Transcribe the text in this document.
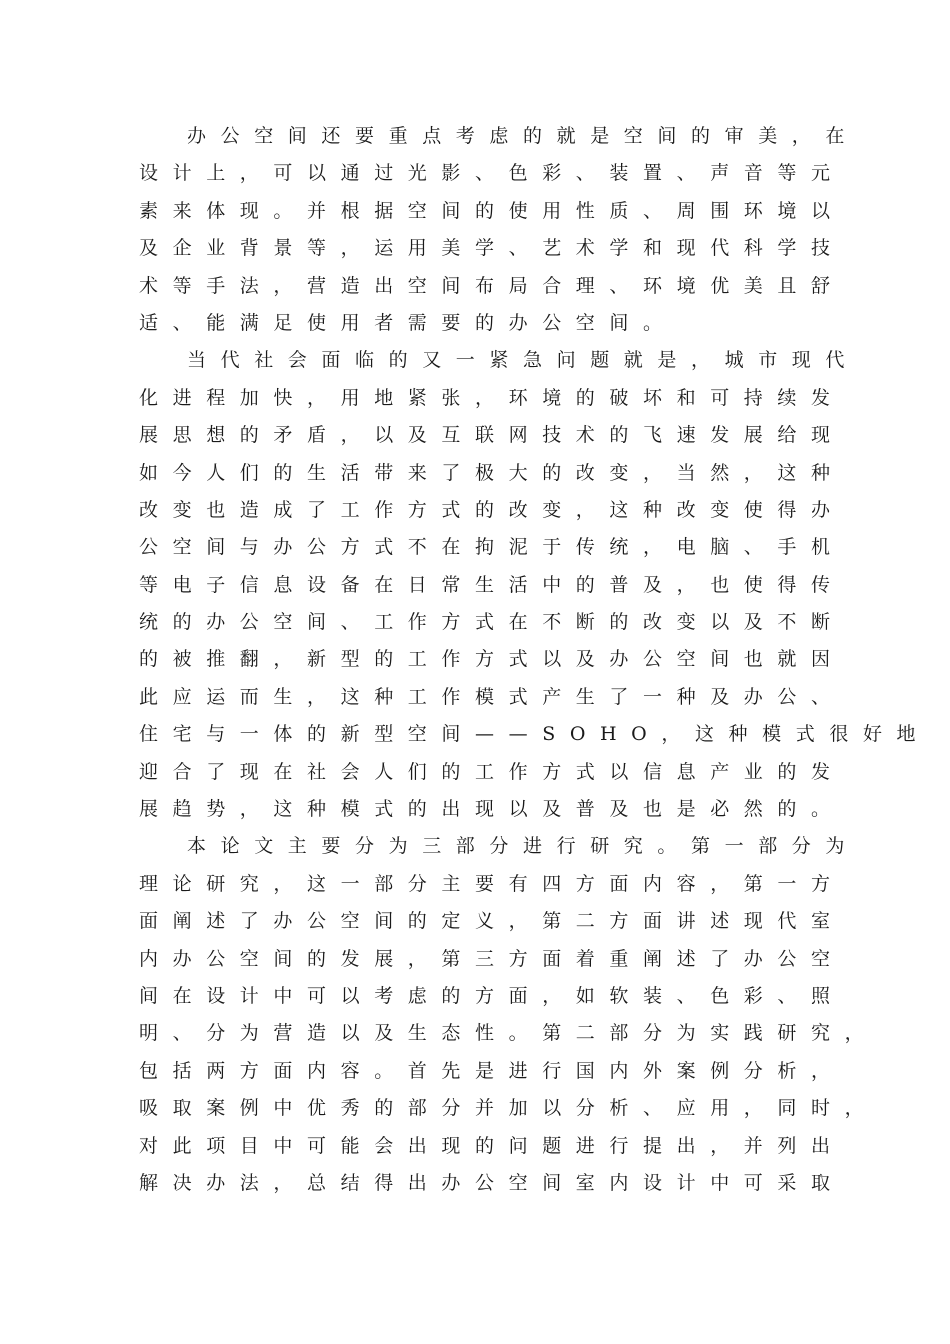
办公空间还要重点考虑的就是空间的审美，在
设计上，可以通过光影、色彩、装置、声音等元
素来体现。并根据空间的使用性质、周围环境以
及企业背景等，运用美学、艺术学和现代科学技
术等手法，营造出空间布局合理、环境优美且舒
适、能满足使用者需要的办公空间。
当代社会面临的又一紧急问题就是，城市现代
化进程加快，用地紧张，环境的破坏和可持续发
展思想的矛盾，以及互联网技术的飞速发展给现
如今人们的生活带来了极大的改变，当然，这种
改变也造成了工作方式的改变，这种改变使得办
公空间与办公方式不在拘泥于传统，电脑、手机
等电子信息设备在日常生活中的普及，也使得传
统的办公空间、工作方式在不断的改变以及不断
的被推翻，新型的工作方式以及办公空间也就因
此应运而生，这种工作模式产生了一种及办公、
住宅与一体的新型空间——SOHO，这种模式很好地
迎合了现在社会人们的工作方式以信息产业的发
展趋势，这种模式的出现以及普及也是必然的。
本论文主要分为三部分进行研究。第一部分为
理论研究，这一部分主要有四方面内容，第一方
面阐述了办公空间的定义，第二方面讲述现代室
内办公空间的发展，第三方面着重阐述了办公空
间在设计中可以考虑的方面，如软装、色彩、照
明、分为营造以及生态性。第二部分为实践研究，
包括两方面内容。首先是进行国内外案例分析，
吸取案例中优秀的部分并加以分析、应用，同时，
对此项目中可能会出现的问题进行提出，并列出
解决办法，总结得出办公空间室内设计中可采取
